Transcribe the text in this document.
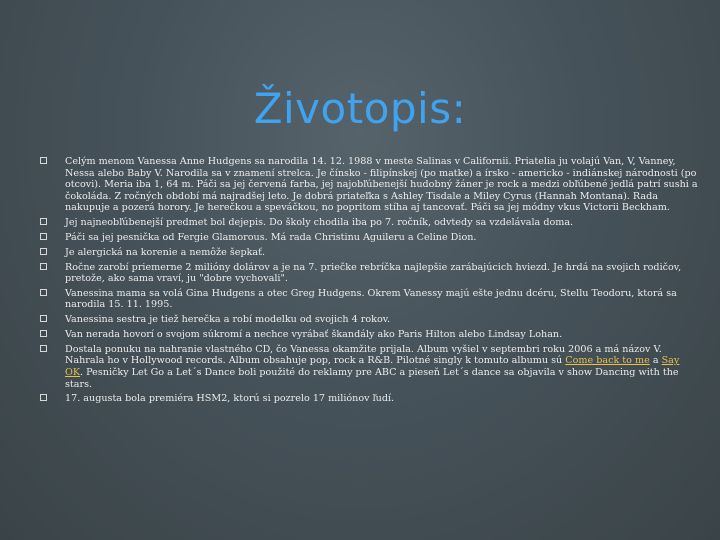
Životopis:
Celým menom Vanessa Anne Hudgens sa narodila 14. 12. 1988 v meste Salinas v Californii. Priatelia ju volajú Van, V, Vanney, Nessa alebo Baby V. Narodila sa v znamení strelca. Je čínsko - filipínskej (po matke) a írsko - americko - indiánskej národnosti (po otcovi). Meria iba 1, 64 m. Páči sa jej červená farba, jej najobľúbenejší hudobný žáner je rock a medzi obľúbené jedlá patrí sushi a čokoláda. Z ročných období má najradšej leto. Je dobrá priateľka s Ashley Tisdale a Miley Cyrus (Hannah Montana). Rada nakupuje a pozerá horory. Je herečkou a speváčkou, no popritom stíha aj tancovať. Páči sa jej módny vkus Victorii Beckham.
Jej najneobľúbenejší predmet bol dejepis. Do školy chodila iba po 7. ročník, odvtedy sa vzdelávala doma.
Páči sa jej pesnička od Fergie Glamorous. Má rada Christinu Aguileru a Celine Dion.
Je alergická na korenie a nemôže šepkať.
Ročne zarobí priemerne 2 milióny dolárov a je na 7. priečke rebríčka najlepšie zarábajúcich hviezd. Je hrdá na svojich rodičov, pretože, ako sama vraví, ju "dobre vychovali".
Vanessina mama sa volá Gina Hudgens a otec Greg Hudgens. Okrem Vanessy majú ešte jednu dcéru, Stellu Teodoru, ktorá sa narodila 15. 11. 1995.
Vanessina sestra je tiež herečka a robí modelku od svojich 4 rokov.
Van nerada hovorí o svojom súkromí a nechce vyrábať škandály ako Paris Hilton alebo Lindsay Lohan.
Dostala ponuku na nahranie vlastného CD, čo Vanessa okamžite prijala. Album vyšiel v septembri roku 2006 a má názov V. Nahrala ho v Hollywood records. Album obsahuje pop, rock a R&B. Pilotné singly k tomuto albumu sú Come back to me a Say OK. Pesničky Let Go a Let´s Dance boli použité do reklamy pre ABC a pieseň Let´s dance sa objavila v show Dancing with the stars.
17. augusta bola premiéra HSM2, ktorú si pozrelo 17 miliónov ľudí.
